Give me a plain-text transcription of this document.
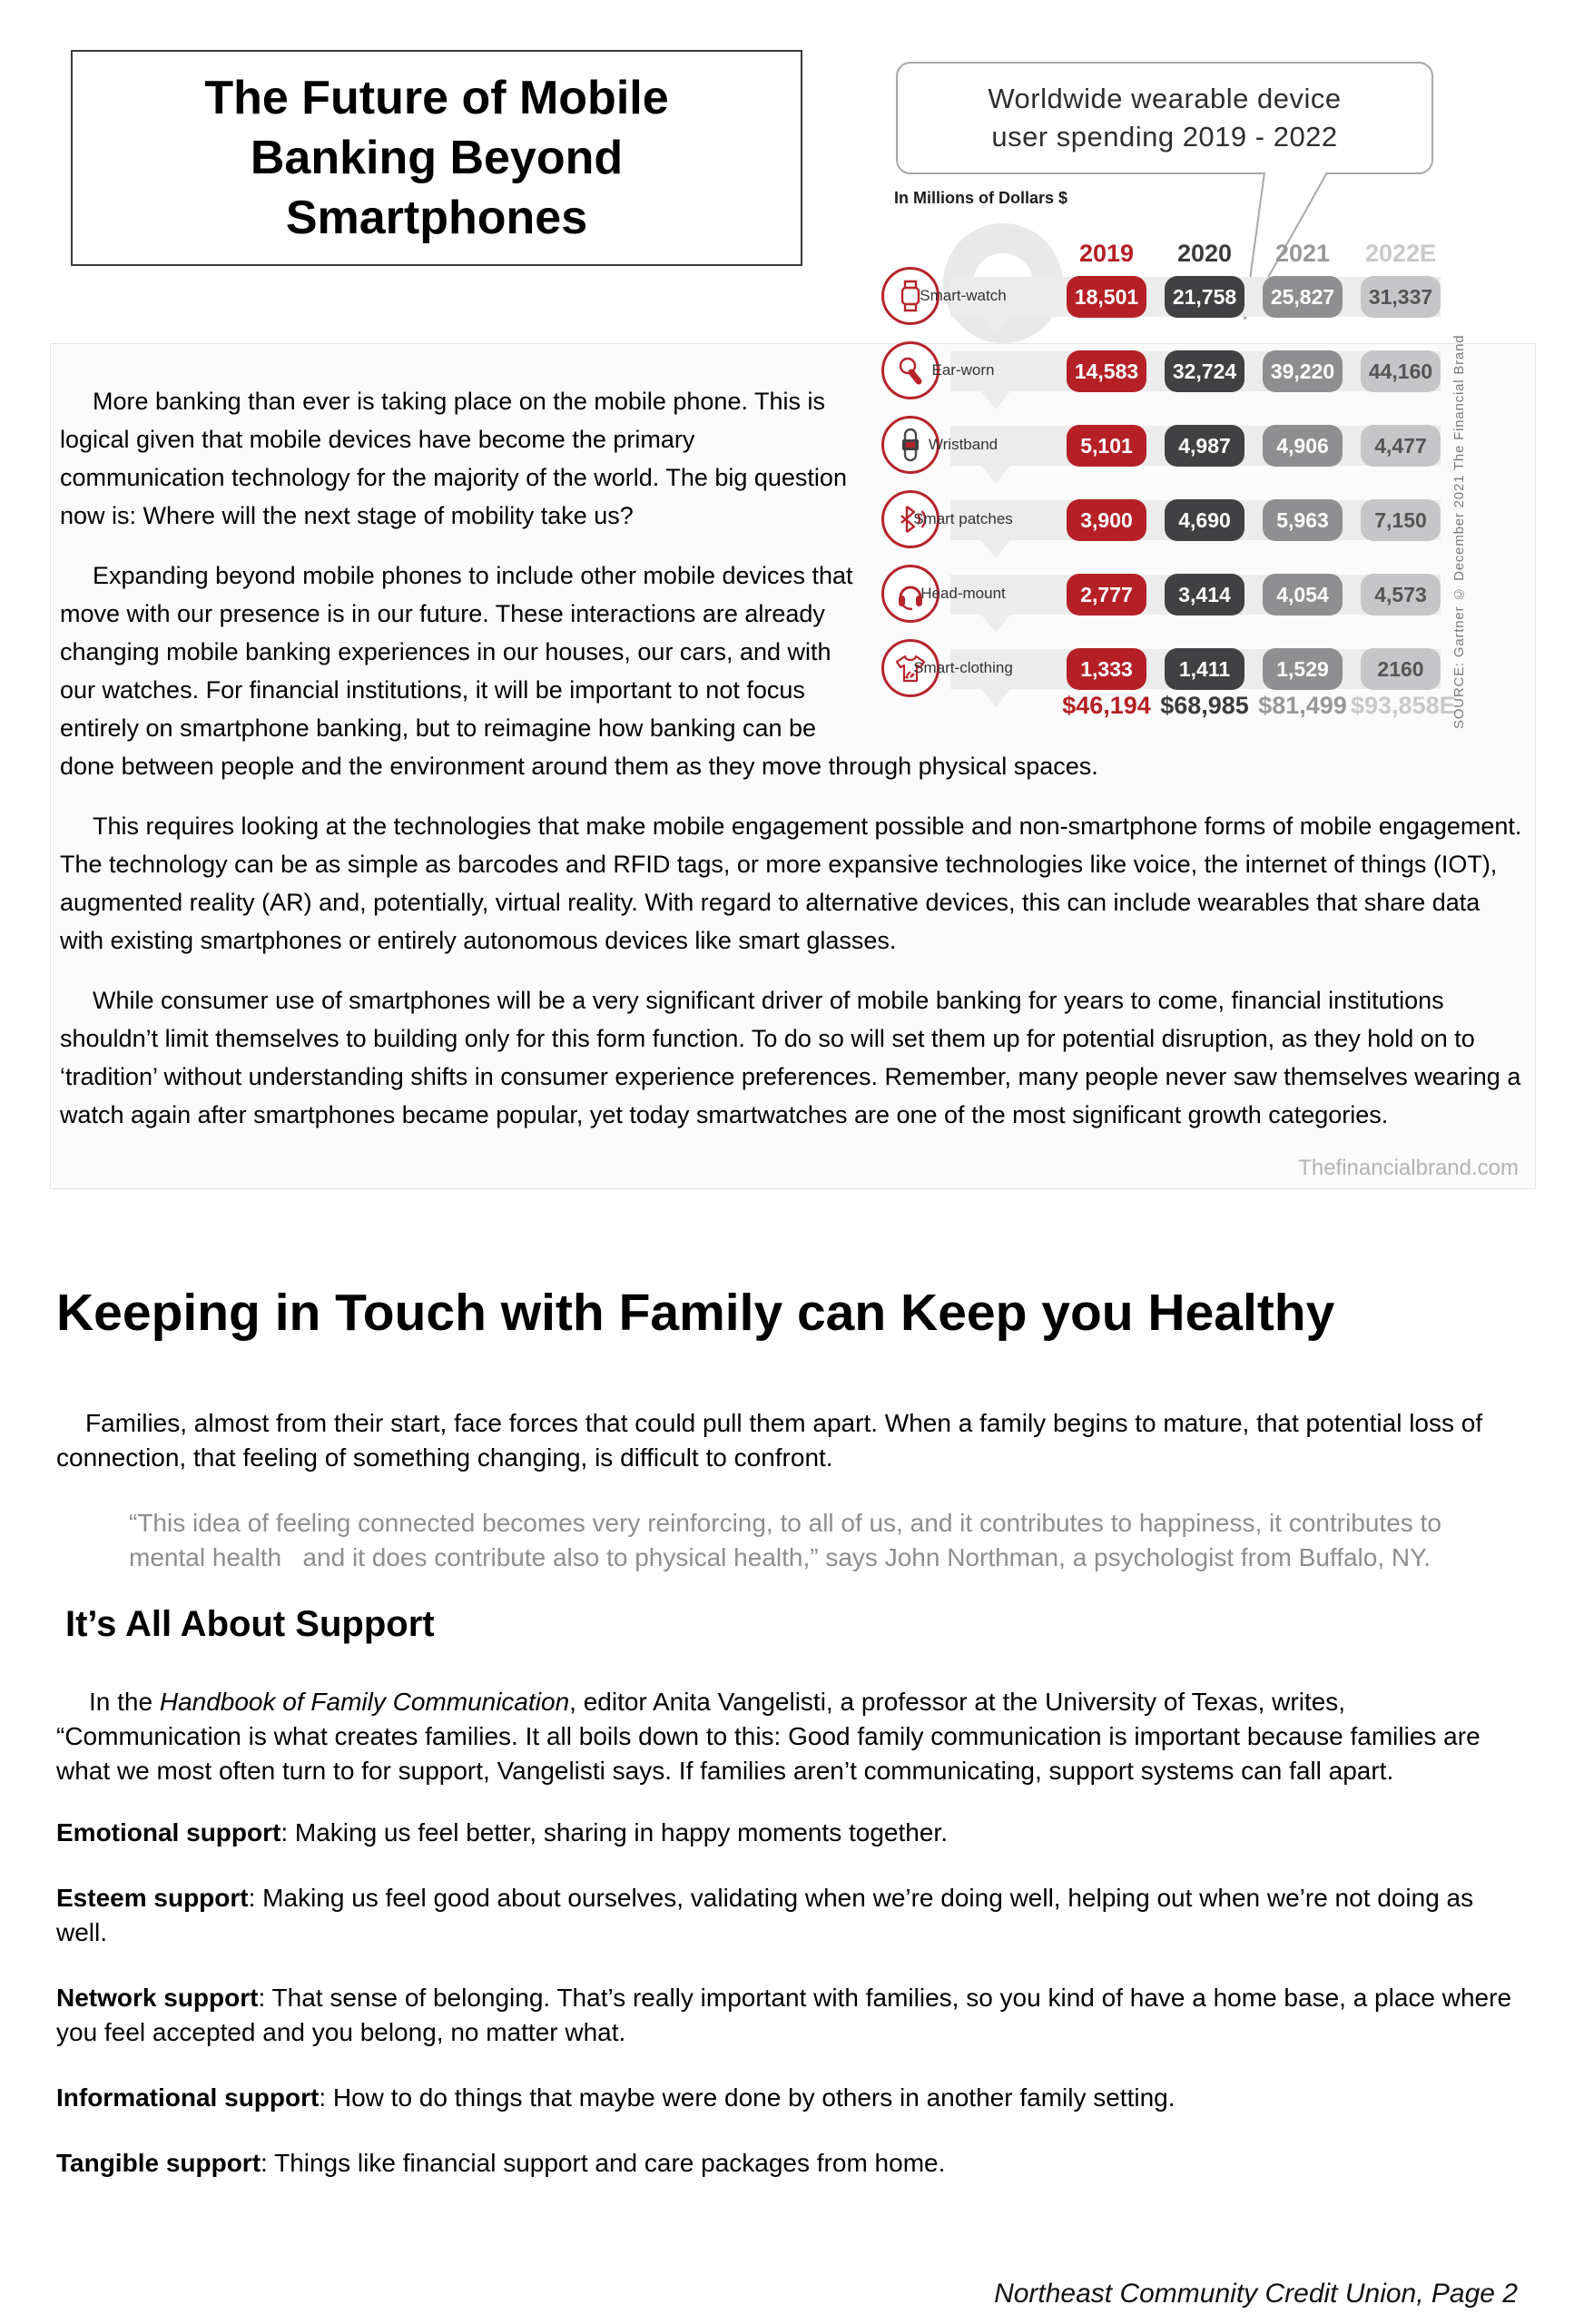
The Future of Mobile Banking Beyond Smartphones

More banking than ever is taking place on the mobile phone. This is logical given that mobile devices have become the primary communication technology for the majority of the world. The big question now is: Where will the next stage of mobility take us?

Expanding beyond mobile phones to include other mobile devices that move with our presence is in our future. These interactions are already changing mobile banking experiences in our houses, our cars, and with our watches. For financial institutions, it will be important to not focus entirely on smartphone banking, but to reimagine how banking can be done between people and the environment around them as they move through physical spaces.

This requires looking at the technologies that make mobile engagement possible and non-smartphone forms of mobile engagement. The technology can be as simple as barcodes and RFID tags, or more expansive technologies like voice, the internet of things (IOT), augmented reality (AR) and, potentially, virtual reality. With regard to alternative devices, this can include wearables that share data with existing smartphones or entirely autonomous devices like smart glasses.

While consumer use of smartphones will be a very significant driver of mobile banking for years to come, financial institutions shouldn’t limit themselves to building only for this form function. To do so will set them up for potential disruption, as they hold on to ‘tradition’ without understanding shifts in consumer experience preferences. Remember, many people never saw themselves wearing a watch again after smartphones became popular, yet today smartwatches are one of the most significant growth categories.

Thefinancialbrand.com
Worldwide wearable device
user spending 2019 - 2022
In Millions of Dollars $
2019	2020	2021	2022E
Smart-watch	18,501	21,758	25,827	31,337
Ear-worn	14,583	32,724	39,220	44,160
Wristband	5,101	4,987	4,906	4,477
Smart patches	3,900	4,690	5,963	7,150
Head-mount	2,777	3,414	4,054	4,573
Smart-clothing	1,333	1,411	1,529	2160
$46,194 $68,985 $81,499 $93,858E
SOURCE: Gartner © December 2021 The Financial Brand
Keeping in Touch with Family can Keep you Healthy

Families, almost from their start, face forces that could pull them apart. When a family begins to mature, that potential loss of connection, that feeling of something changing, is difficult to confront.

“This idea of feeling connected becomes very reinforcing, to all of us, and it contributes to happiness, it contributes to mental health   and it does contribute also to physical health,” says John Northman, a psychologist from Buffalo, NY.

It’s All About Support

In the Handbook of Family Communication, editor Anita Vangelisti, a professor at the University of Texas, writes, “Communication is what creates families. It all boils down to this: Good family communication is important because families are what we most often turn to for support, Vangelisti says. If families aren’t communicating, support systems can fall apart.

Emotional support: Making us feel better, sharing in happy moments together.

Esteem support: Making us feel good about ourselves, validating when we’re doing well, helping out when we’re not doing as well.

Network support: That sense of belonging. That’s really important with families, so you kind of have a home base, a place where you feel accepted and you belong, no matter what.

Informational support: How to do things that maybe were done by others in another family setting.

Tangible support: Things like financial support and care packages from home.

Northeast Community Credit Union, Page 2
